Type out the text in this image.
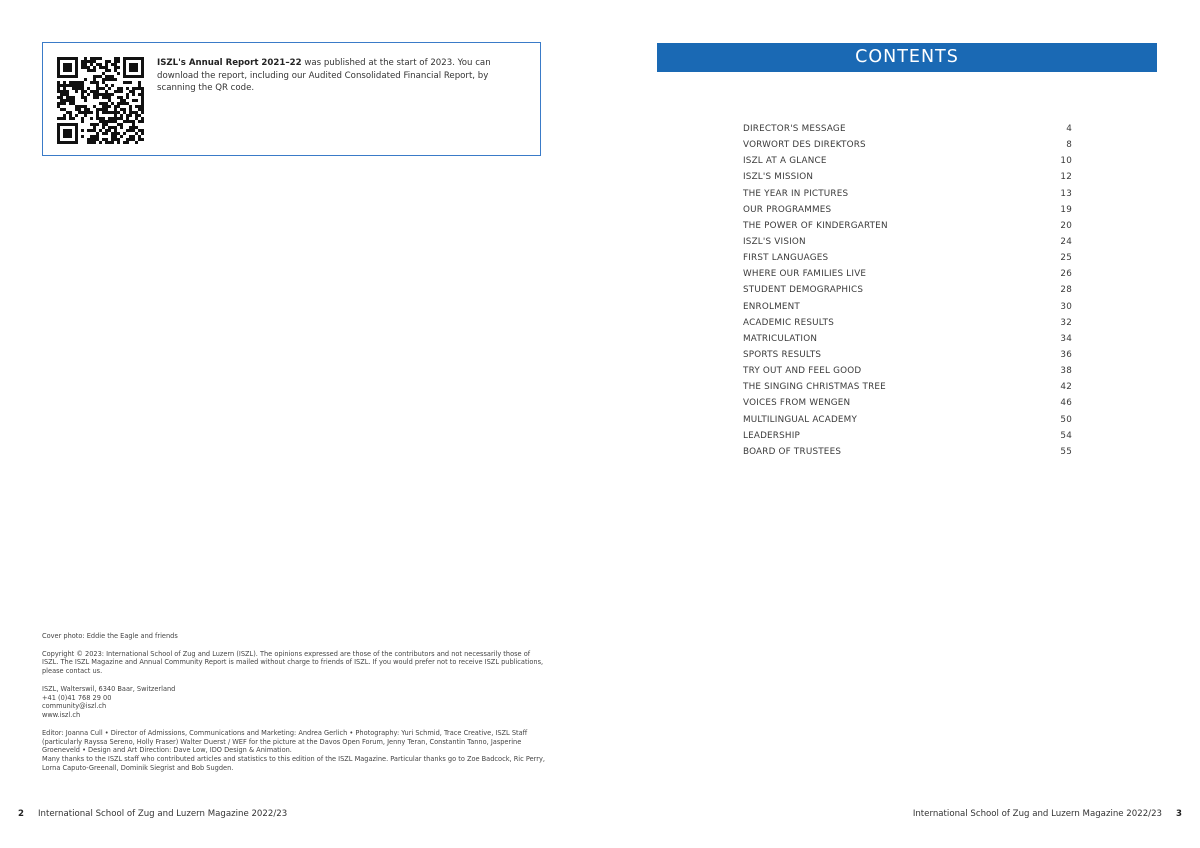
ISZL's Annual Report 2021–22 was published at the start of 2023. You can download the report, including our Audited Consolidated Financial Report, by scanning the QR code.
CONTENTS
DIRECTOR'S MESSAGE	4
VORWORT DES DIREKTORS	8
ISZL AT A GLANCE	10
ISZL'S MISSION	12
THE YEAR IN PICTURES	13
OUR PROGRAMMES	19
THE POWER OF KINDERGARTEN	20
ISZL'S VISION	24
FIRST LANGUAGES	25
WHERE OUR FAMILIES LIVE	26
STUDENT DEMOGRAPHICS	28
ENROLMENT	30
ACADEMIC RESULTS	32
MATRICULATION	34
SPORTS RESULTS	36
TRY OUT AND FEEL GOOD	38
THE SINGING CHRISTMAS TREE	42
VOICES FROM WENGEN	46
MULTILINGUAL ACADEMY	50
LEADERSHIP	54
BOARD OF TRUSTEES	55

Cover photo: Eddie the Eagle and friends

Copyright © 2023: International School of Zug and Luzern (ISZL). The opinions expressed are those of the contributors and not necessarily those of ISZL. The ISZL Magazine and Annual Community Report is mailed without charge to friends of ISZL. If you would prefer not to receive ISZL publications, please contact us.

ISZL, Walterswil, 6340 Baar, Switzerland
+41 (0)41 768 29 00
community@iszl.ch
www.iszl.ch

Editor: Joanna Cull • Director of Admissions, Communications and Marketing: Andrea Gerlich • Photography: Yuri Schmid, Trace Creative, ISZL Staff (particularly Rayssa Sereno, Holly Fraser) Walter Duerst / WEF for the picture at the Davos Open Forum, Jenny Teran, Constantin Tanno, Jasperine Groeneveld • Design and Art Direction: Dave Low, IDO Design & Animation.
Many thanks to the ISZL staff who contributed articles and statistics to this edition of the ISZL Magazine. Particular thanks go to Zoe Badcock, Ric Perry, Lorna Caputo-Greenall, Dominik Siegrist and Bob Sugden.

2 International School of Zug and Luzern Magazine 2022/23	International School of Zug and Luzern Magazine 2022/23 3
